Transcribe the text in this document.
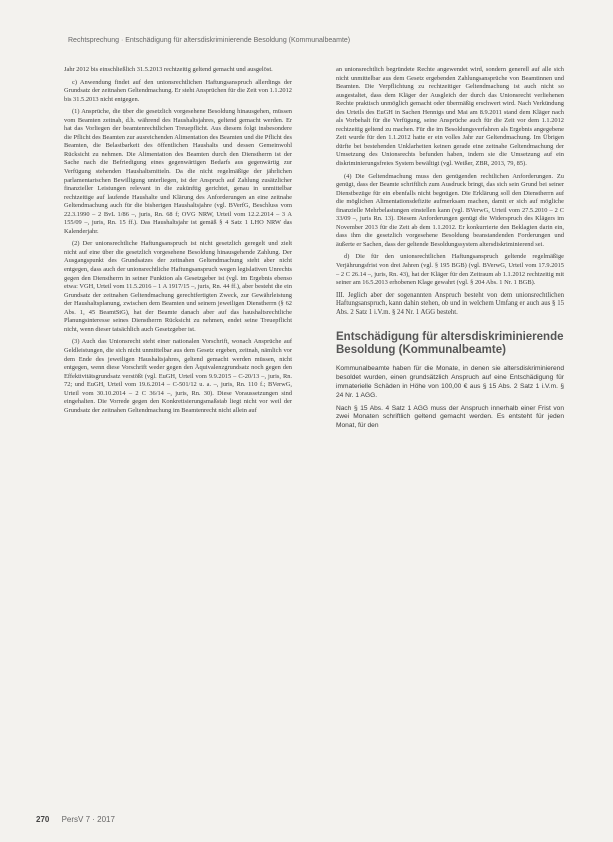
Rechtsprechung · Entschädigung für altersdiskriminierende Besoldung (Kommunalbeamte)

Jahr 2012 bis einschließlich 31.5.2013 rechtzeitig geltend gemacht und ausgelöst.

c) Anwendung findet auf den unionsrechtlichen Haftungsanspruch allerdings der Grundsatz der zeitnahen Geltendmachung. Er steht Ansprüchen für die Zeit von 1.1.2012 bis 31.5.2013 nicht entgegen.

(1) Ansprüche, die über die gesetzlich vorgesehene Besoldung hinausgehen, müssen vom Beamten zeitnah, d.h. während des Haushaltsjahres, geltend gemacht werden. Er hat das Vorliegen der beamtenrechtlichen Treuepflicht. Aus diesem folgt insbesondere die Pflicht des Beamten zur ausreichenden Alimentation des Beamten und die Pflicht des Beamten, die Belastbarkeit des öffentlichen Haushalts und dessen Gemeinwohl Rücksicht zu nehmen. Die Alimentation des Beamten durch den Dienstherrn ist der Sache nach die Befriedigung eines gegenwärtigen Bedarfs aus gegenwärtig zur Verfügung stehenden Haushaltsmitteln. Da die nicht regelmäßige der jährlichen parlamentarischen Bewilligung unterliegen, ist der Anspruch auf Zahlung zusätzlicher finanzieller Leistungen relevant in die zukünftig gerichtet, genau in unmittelbar rechtzeitige auf laufende Haushalte und Klärung des Anforderungen an eine zeitnahe Geltendmachung auch für die bisherigen Haushaltsjahre (vgl. BVerfG, Beschluss vom 22.3.1990 – 2 BvL 1/86 –, juris, Rn. 68 f; OVG NRW, Urteil vom 12.2.2014 – 3 A 155/09 –, juris, Rn. 15 ff.). Das Haushaltsjahr ist gemäß § 4 Satz 1 LHO NRW das Kalenderjahr.

(2) Der unionsrechtliche Haftungsanspruch ist nicht gesetzlich geregelt und zielt nicht auf eine über die gesetzlich vorgesehene Besoldung hinausgehende Zahlung. Der Ausgangspunkt des Grundsatzes der zeitnahen Geltendmachung steht aber nicht entgegen, dass auch der unionsrechtliche Haftungsanspruch wegen legislativen Unrechts gegen den Dienstherrn in seiner Funktion als Gesetzgeber ist (vgl. im Ergebnis ebenso etwa: VGH, Urteil vom 11.5.2016 – 1 A 1917/15 –, juris, Rn. 44 ff.), aber besteht die ein Grundsatz der zeitnahen Geltendmachung gerechtfertigten Zweck, zur Gewährleistung der Haushaltsplanung, zwischen dem Beamten und seinem jeweiligen Dienstherrn (§ 62 Abs. 1, 45 BeamtStG), hat der Beamte danach aber auf das haushaltsrechtliche Planungsinteresse seines Dienstherrn Rücksicht zu nehmen, endet seine Treuepflicht nicht, wenn dieser tatsächlich auch Gesetzgeber ist.

(3) Auch das Unionsrecht steht einer nationalen Vorschrift, wonach Ansprüche auf Geldleistungen, die sich nicht unmittelbar aus dem Gesetz ergeben, zeitnah, nämlich vor dem Ende des jeweiligen Haushaltsjahres, geltend gemacht werden müssen, nicht entgegen, wenn diese Vorschrift weder gegen den Äquivalenzgrundsatz noch gegen den Effektivitätsgrundsatz verstößt (vgl. EuGH, Urteil vom 9.9.2015 – C-20/13 –, juris, Rn. 72; und EuGH, Urteil vom 19.6.2014 – C-501/12 u. a. –, juris, Rn. 110 f.; BVerwG, Urteil vom 30.10.2014 – 2 C 36/14 –, juris, Rn. 30). Diese Voraussetzungen sind eingehalten. Die Vorrede gegen den Konkretisierungsmaßstab liegt nicht vor weil der Grundsatz der zeitnahen Geltendmachung im Beamtenrecht nicht allein auf

an unionsrechtlich begründete Rechte angewendet wird, sondern generell auf alle sich nicht unmittelbar aus dem Gesetz ergebenden Zahlungsansprüche von Beamtinnen und Beamten. Die Verpflichtung zu rechtzeitiger Geltendmachung ist auch nicht so ausgestaltet, dass dem Kläger der Ausgleich der durch das Unionsrecht verliehenen Rechte praktisch unmöglich gemacht oder übermäßig erschwert wird. Nach Verkündung des Urteils des EuGH in Sachen Hennigs und Mai am 8.9.2011 stand dem Kläger nach als Vorbehalt für die Verfügung, seine Ansprüche auch für die Zeit vor dem 1.1.2012 rechtzeitig geltend zu machen. Für die im Besoldungsverfahren als Ergebnis angegebene Zeit wurde für den 1.1.2012 hatte er ein volles Jahr zur Geltendmachung. Im Übrigen dürfte bei bestehenden Unklarheiten keinen gerade eine zeitnahe Geltendmachung der Umsetzung des Unionsrechts befunden haben, indem sie die Umsetzung auf ein diskriminierungsfreies System bewältigt (vgl. Weißer, ZBR, 2013, 79, 85).

(4) Die Geltendmachung muss den genügenden rechtlichen Anforderungen. Zu genügt, dass der Beamte schriftlich zum Ausdruck bringt, das sich sein Grund bei seiner Dienstbezüge für ein ebenfalls nicht begnügen. Die Erklärung soll den Dienstherrn auf die möglichen Alimentationsdefizite aufmerksam machen, damit er sich auf mögliche finanzielle Mehrbelastungen einstellen kann (vgl. BVerwG, Urteil vom 27.5.2010 – 2 C 33/09 –, juris Rn. 13). Diesem Anforderungen genügt die Widerspruch des Klägers im November 2013 für die Zeit ab dem 1.1.2012. Er konkurrierte den Beklagten darin ein, dass ihm die gesetzlich vorgesehene Besoldung beanstandenden Forderungen und äußerte er Sachen, dass der geltende Besoldungssystem altersdiskriminierend sei.

d) Die für den unionsrechtlichen Haftungsanspruch geltende regelmäßige Verjährungsfrist von drei Jahren (vgl. § 195 BGB) (vgl. BVerwG, Urteil vom 17.9.2015 – 2 C 26.14 –, juris, Rn. 43), hat der Kläger für den Zeitraum ab 1.1.2012 rechtzeitig mit seiner am 16.5.2013 erhobenen Klage gewahrt (vgl. § 204 Abs. 1 Nr. 1 BGB).

III. Jeglich aber der sogenannten Anspruch besteht von dem unionsrechtlichen Haftungsanspruch, kann dahin stehen, ob und in welchem Umfang er auch aus § 15 Abs. 2 Satz 1 i.V.m. § 24 Nr. 1 AGG besteht.

Entschädigung für altersdiskriminierende Besoldung (Kommunalbeamte)

Kommunalbeamte haben für die Monate, in denen sie altersdiskriminierend besoldet wurden, einen grundsätzlich Anspruch auf eine Entschädigung für immaterielle Schäden in Höhe von 100,00 € aus § 15 Abs. 2 Satz 1 i.V.m. § 24 Nr. 1 AGG.

Nach § 15 Abs. 4 Satz 1 AGG muss der Anspruch innerhalb einer Frist von zwei Monaten schriftlich geltend gemacht werden. Es entsteht für jeden Monat, für den

270 PersV 7 · 2017
